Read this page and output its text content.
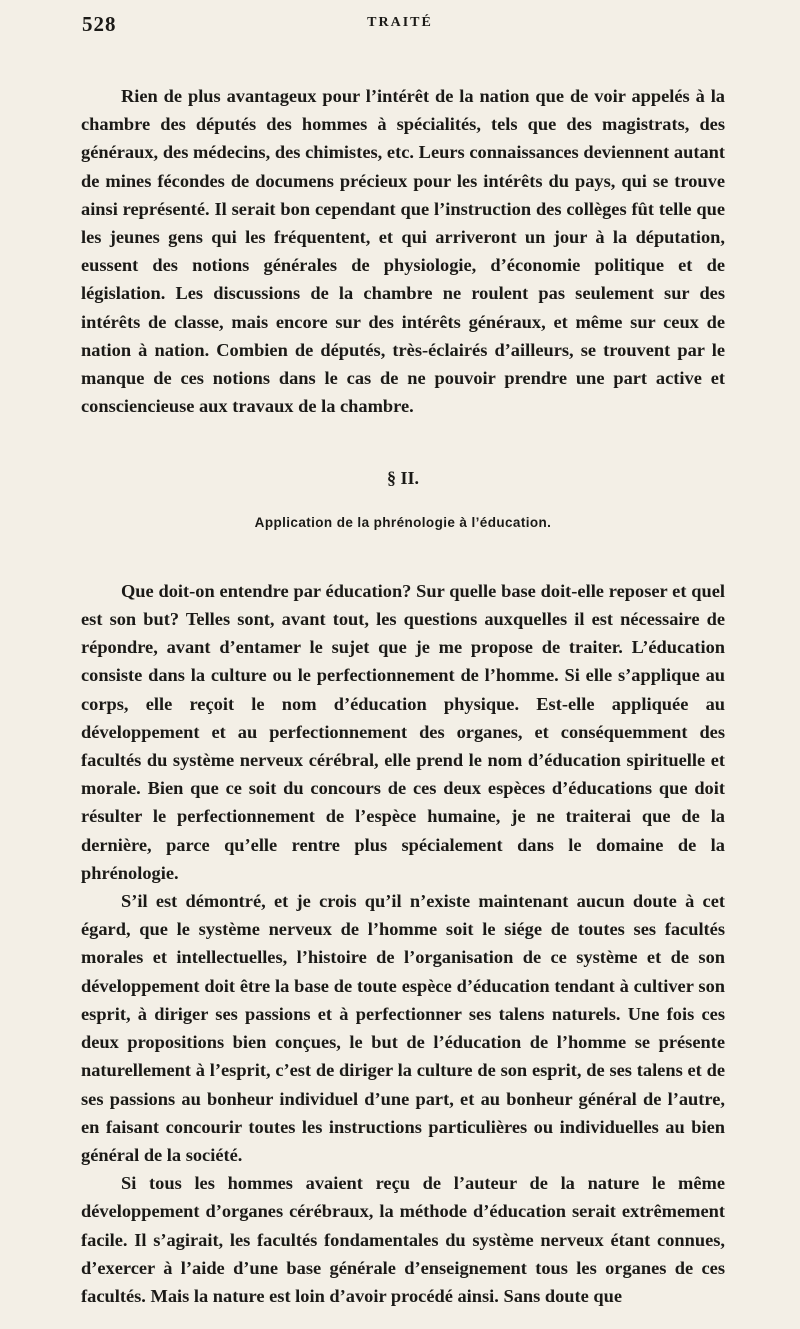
528	TRAITÉ

Rien de plus avantageux pour l’intérêt de la nation que de voir appelés à la chambre des députés des hommes à spécialités, tels que des magistrats, des généraux, des médecins, des chimistes, etc. Leurs connaissances deviennent autant de mines fécondes de documens précieux pour les intérêts du pays, qui se trouve ainsi représenté. Il serait bon cependant que l’instruction des collèges fût telle que les jeunes gens qui les fréquentent, et qui arriveront un jour à la députation, eussent des notions générales de physiologie, d’économie politique et de législation. Les discussions de la chambre ne roulent pas seulement sur des intérêts de classe, mais encore sur des intérêts généraux, et même sur ceux de nation à nation. Combien de députés, très-éclairés d’ailleurs, se trouvent par le manque de ces notions dans le cas de ne pouvoir prendre une part active et consciencieuse aux travaux de la chambre.

§ II.
Application de la phrénologie à l’éducation.

Que doit-on entendre par éducation? Sur quelle base doit-elle reposer et quel est son but? Telles sont, avant tout, les questions auxquelles il est nécessaire de répondre, avant d’entamer le sujet que je me propose de traiter. L’éducation consiste dans la culture ou le perfectionnement de l’homme. Si elle s’applique au corps, elle reçoit le nom d’éducation physique. Est-elle appliquée au développement et au perfectionnement des organes, et conséquemment des facultés du système nerveux cérébral, elle prend le nom d’éducation spirituelle et morale. Bien que ce soit du concours de ces deux espèces d’éducations que doit résulter le perfectionnement de l’espèce humaine, je ne traiterai que de la dernière, parce qu’elle rentre plus spécialement dans le domaine de la phrénologie.

S’il est démontré, et je crois qu’il n’existe maintenant aucun doute à cet égard, que le système nerveux de l’homme soit le siége de toutes ses facultés morales et intellectuelles, l’histoire de l’organisation de ce système et de son développement doit être la base de toute espèce d’éducation tendant à cultiver son esprit, à diriger ses passions et à perfectionner ses talens naturels. Une fois ces deux propositions bien conçues, le but de l’éducation de l’homme se présente naturellement à l’esprit, c’est de diriger la culture de son esprit, de ses talens et de ses passions au bonheur individuel d’une part, et au bonheur général de l’autre, en faisant concourir toutes les instructions particulières ou individuelles au bien général de la société.

Si tous les hommes avaient reçu de l’auteur de la nature le même développement d’organes cérébraux, la méthode d’éducation serait extrêmement facile. Il s’agirait, les facultés fondamentales du système nerveux étant connues, d’exercer à l’aide d’une base générale d’enseignement tous les organes de ces facultés. Mais la nature est loin d’avoir procédé ainsi. Sans doute que
